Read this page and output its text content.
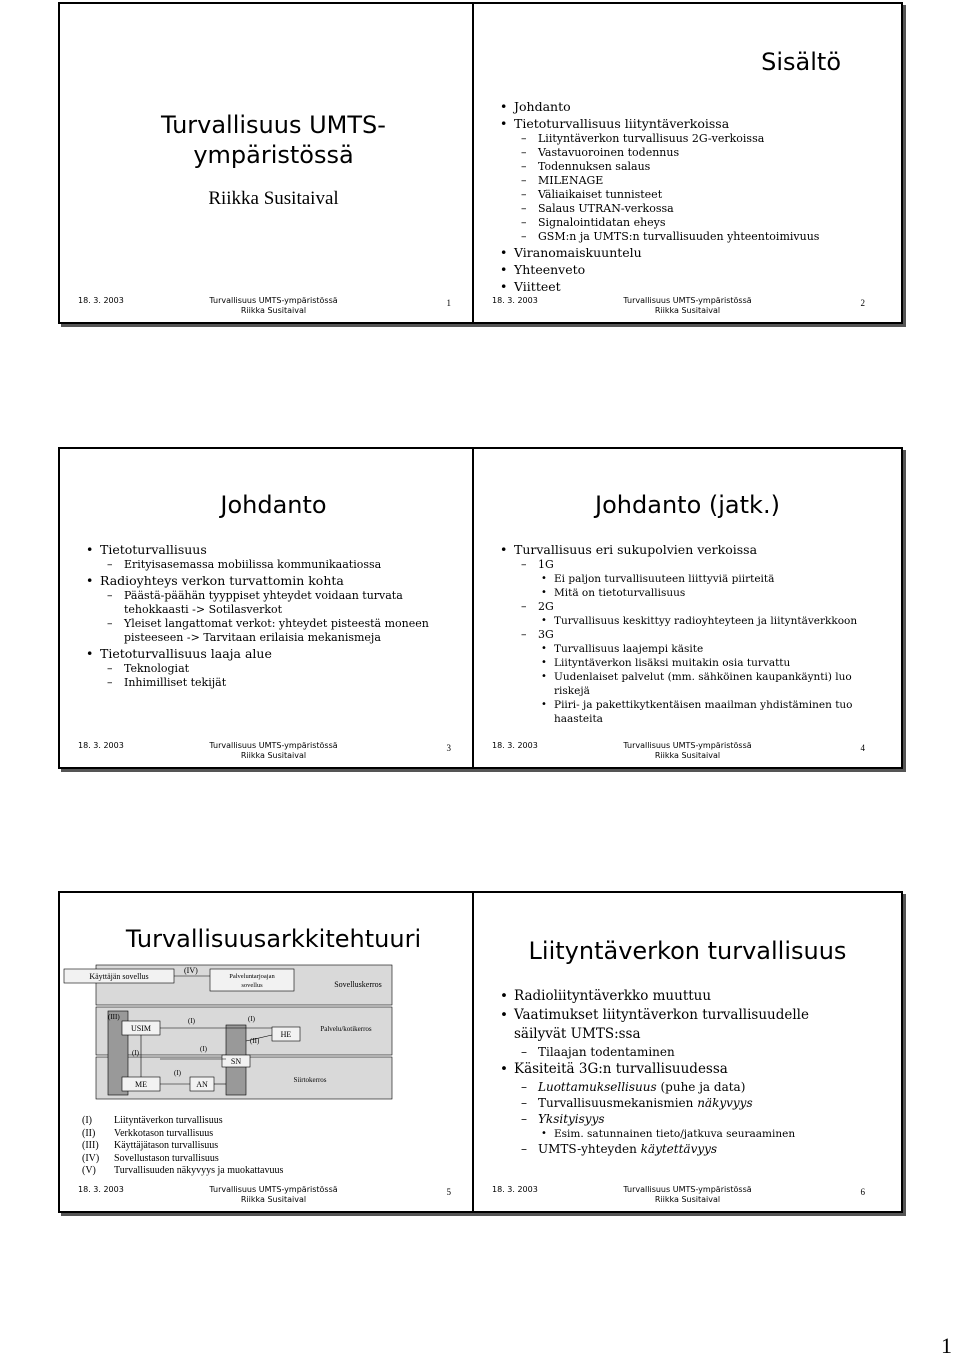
Turvallisuus UMTS-
ympäristössä
Riikka Susitaival
18. 3. 2003	Turvallisuus UMTS-ympäristössä
Riikka Susitaival
1
Sisältö
• Johdanto
• Tietoturvallisuus liityntäverkoissa
– Liityntäverkon turvallisuus 2G-verkoissa
– Vastavuoroinen todennus
– Todennuksen salaus
– MILENAGE
– Väliaikaiset tunnisteet
– Salaus UTRAN-verkossa
– Signalointidatan eheys
– GSM:n ja UMTS:n turvallisuuden yhteentoimivuus
• Viranomaiskuuntelu
• Yhteenveto
• Viitteet
18. 3. 2003	Turvallisuus UMTS-ympäristössä
Riikka Susitaival
2
Johdanto
• Tietoturvallisuus
– Erityisasemassa mobiilissa kommunikaatiossa
• Radioyhteys verkon turvattomin kohta
– Päästä-päähän tyyppiset yhteydet voidaan turvata tehokkaasti -> Sotilasverkot
– Yleiset langattomat verkot: yhteydet pisteestä moneen pisteeseen -> Tarvitaan erilaisia mekanismeja
• Tietoturvallisuus laaja alue
– Teknologiat
– Inhimilliset tekijät
18. 3. 2003	Turvallisuus UMTS-ympäristössä
Riikka Susitaival
3
Johdanto (jatk.)
• Turvallisuus eri sukupolvien verkoissa
– 1G
• Ei paljon turvallisuuteen liittyviä piirteitä
• Mitä on tietoturvallisuus
– 2G
• Turvallisuus keskittyy radioyhteyteen ja liityntäverkkoon
– 3G
• Turvallisuus laajempi käsite
• Liityntäverkon lisäksi muitakin osia turvattu
• Uudenlaiset palvelut (mm. sähköinen kaupankäynti) luo riskejä
• Piiri- ja pakettikytkentäisen maailman yhdistäminen tuo haasteita
18. 3. 2003	Turvallisuus UMTS-ympäristössä
Riikka Susitaival
4
Turvallisuusarkkitehtuuri
Käyttäjän sovellus	Palveluntarjoajan
sovellus
(IV)
Sovelluskerros
USIM
(III)
ME	AN
SN
HE
(I)
(I)	(I)
(I)
(I)
(II)
Palvelu/kotikerros
Siirtokerros
(I)	Liityntäverkon turvallisuus
(II)	Verkkotason turvallisuus
(III)	Käyttäjätason turvallisuus
(IV)	Sovellustason turvallisuus
(V)	Turvallisuuden näkyvyys ja muokattavuus
18. 3. 2003	Turvallisuus UMTS-ympäristössä
Riikka Susitaival
5
Liityntäverkon turvallisuus
• Radioliityntäverkko muuttuu
• Vaatimukset liityntäverkon turvallisuudelle säilyvät UMTS:ssa
– Tilaajan todentaminen
• Käsiteitä 3G:n turvallisuudessa
– Luottamuksellisuus (puhe ja data)
– Turvallisuusmekanismien näkyvyys
– Yksityisyys
• Esim. satunnainen tieto/jatkuva seuraaminen
– UMTS-yhteyden käytettävyys
18. 3. 2003	Turvallisuus UMTS-ympäristössä
Riikka Susitaival
6
1
